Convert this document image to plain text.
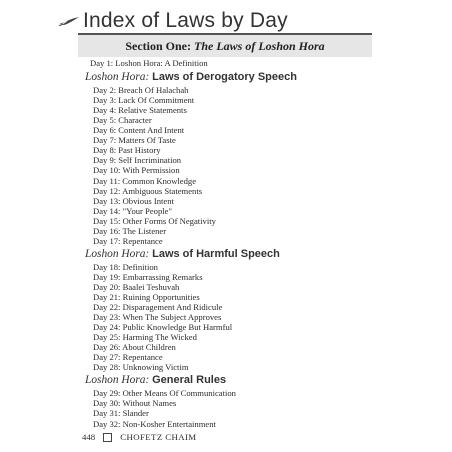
Index of Laws by Day
Section One: The Laws of Loshon Hora
Day 1: Loshon Hora: A Definition
Loshon Hora: Laws of Derogatory Speech
Day 2: Breach Of Halachah
Day 3: Lack Of Commitment
Day 4: Relative Statements
Day 5: Character
Day 6: Content And Intent
Day 7: Matters Of Taste
Day 8: Past History
Day 9: Self Incrimination
Day 10: With Permission
Day 11: Common Knowledge
Day 12: Ambiguous Statements
Day 13: Obvious Intent
Day 14: "Your People"
Day 15: Other Forms Of Negativity
Day 16: The Listener
Day 17: Repentance
Loshon Hora: Laws of Harmful Speech
Day 18: Definition
Day 19: Embarrassing Remarks
Day 20: Baalei Teshuvah
Day 21: Ruining Opportunities
Day 22: Disparagement And Ridicule
Day 23: When The Subject Approves
Day 24: Public Knowledge But Harmful
Day 25: Harming The Wicked
Day 26: About Children
Day 27: Repentance
Day 28: Unknowing Victim
Loshon Hora: General Rules
Day 29: Other Means Of Communication
Day 30: Without Names
Day 31: Slander
Day 32: Non-Kosher Entertainment
448	CHOFETZ CHAIM
